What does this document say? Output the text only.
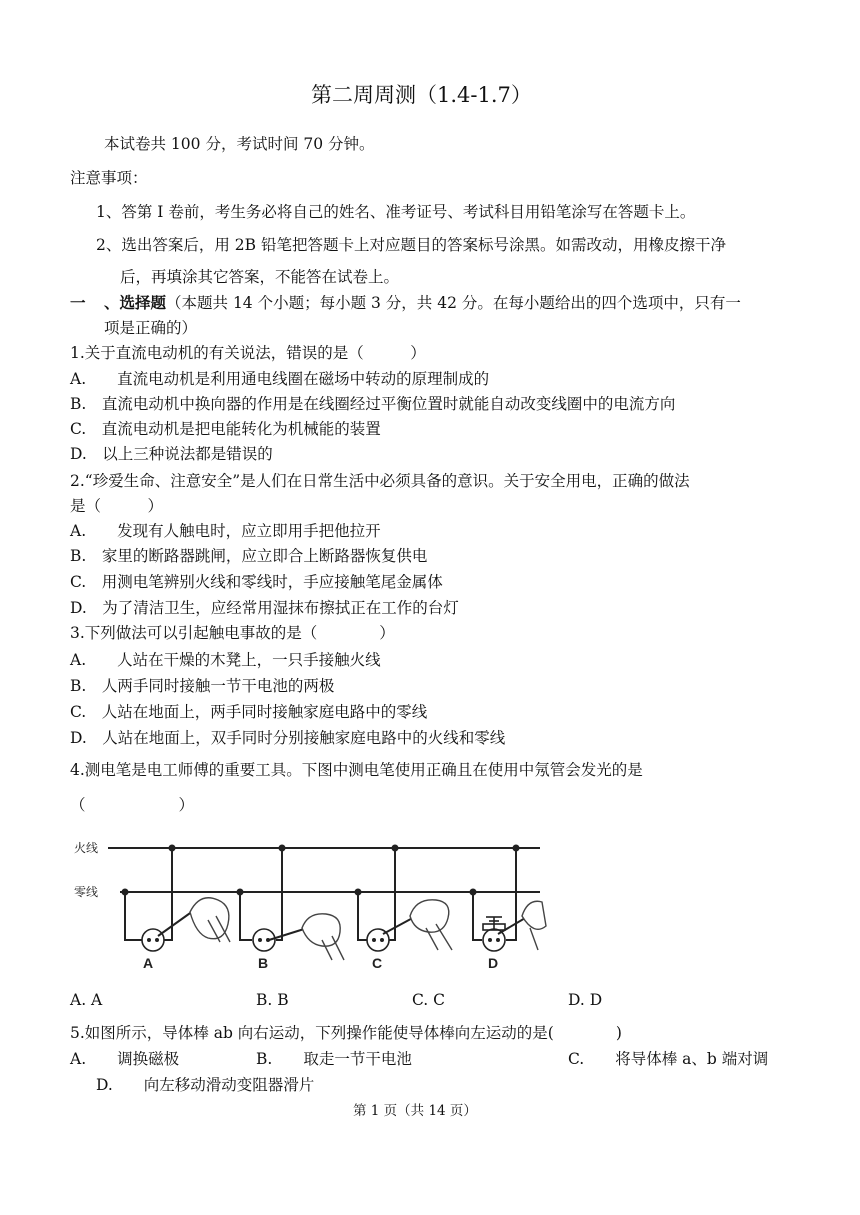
第二周周测（1.4-1.7）
本试卷共 100 分，考试时间 70 分钟。
注意事项：
1、答第 I 卷前，考生务必将自己的姓名、准考证号、考试科目用铅笔涂写在答题卡上。
2、选出答案后，用 2B 铅笔把答题卡上对应题目的答案标号涂黑。如需改动，用橡皮擦干净
后，再填涂其它答案，不能答在试卷上。
一 、选择题（本题共 14 个小题；每小题 3 分，共 42 分。在每小题给出的四个选项中，只有一
项是正确的）
1.关于直流电动机的有关说法，错误的是（　　　）
A.　　直流电动机是利用通电线圈在磁场中转动的原理制成的
B.　直流电动机中换向器的作用是在线圈经过平衡位置时就能自动改变线圈中的电流方向
C.　直流电动机是把电能转化为机械能的装置
D.　以上三种说法都是错误的
2.“珍爱生命、注意安全”是人们在日常生活中必须具备的意识。关于安全用电，正确的做法
是（　　　）
A.　　发现有人触电时，应立即用手把他拉开
B.　家里的断路器跳闸，应立即合上断路器恢复供电
C.　用测电笔辨别火线和零线时，手应接触笔尾金属体
D.　为了清洁卫生，应经常用湿抹布擦拭正在工作的台灯
3.下列做法可以引起触电事故的是（　　　　）
A.　　人站在干燥的木凳上，一只手接触火线
B.　人两手同时接触一节干电池的两极
C.　人站在地面上，两手同时接触家庭电路中的零线
D.　人站在地面上，双手同时分别接触家庭电路中的火线和零线
4.测电笔是电工师傅的重要工具。下图中测电笔使用正确且在使用中氖管会发光的是
（　　　　　　）
火线
零线
A	B	C	D
A. A	B. B	C. C	D. D
5.如图所示，导体棒 ab 向右运动，下列操作能使导体棒向左运动的是(　　　　)
A.　　调换磁极	B.　　取走一节干电池	C.　　将导体棒 a、b 端对调
D.　　向左移动滑动变阻器滑片
第 1 页（共 14 页）
